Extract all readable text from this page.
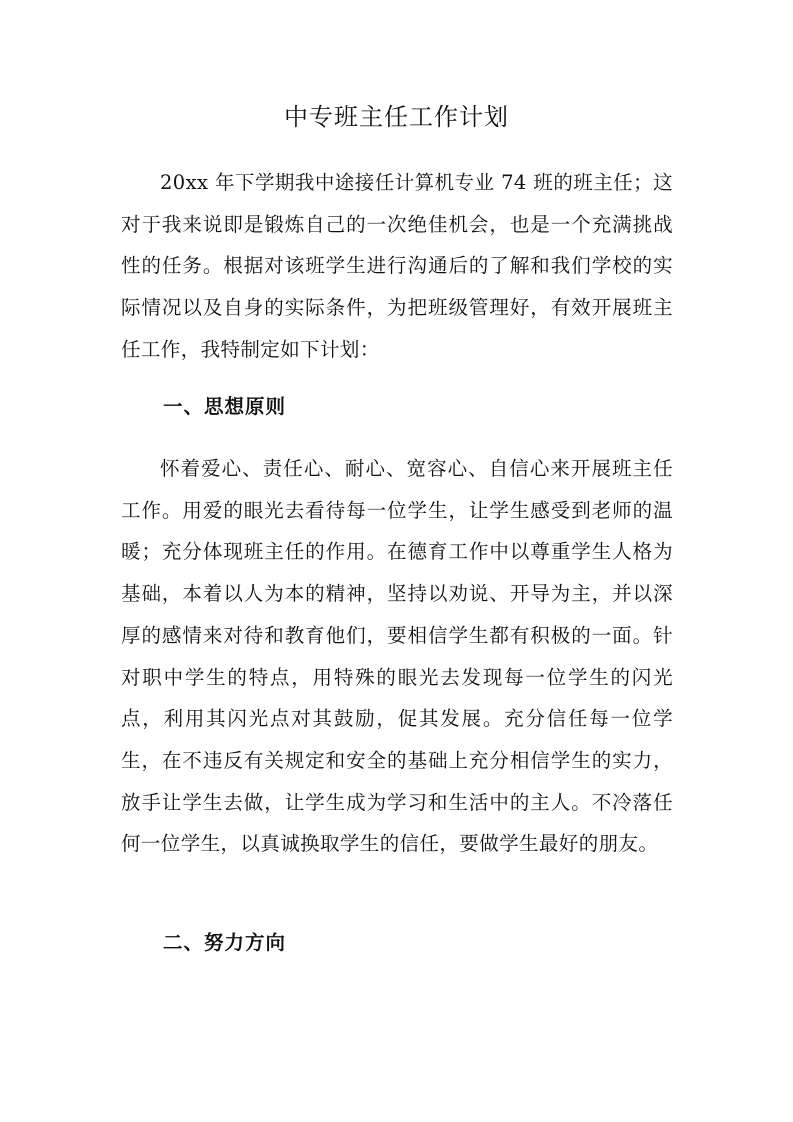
中专班主任工作计划

20xx 年下学期我中途接任计算机专业 74 班的班主任；这对于我来说即是锻炼自己的一次绝佳机会，也是一个充满挑战性的任务。根据对该班学生进行沟通后的了解和我们学校的实际情况以及自身的实际条件，为把班级管理好，有效开展班主任工作，我特制定如下计划：

一、思想原则

怀着爱心、责任心、耐心、宽容心、自信心来开展班主任工作。用爱的眼光去看待每一位学生，让学生感受到老师的温暖；充分体现班主任的作用。在德育工作中以尊重学生人格为基础，本着以人为本的精神，坚持以劝说、开导为主，并以深厚的感情来对待和教育他们，要相信学生都有积极的一面。针对职中学生的特点，用特殊的眼光去发现每一位学生的闪光点，利用其闪光点对其鼓励，促其发展。充分信任每一位学生，在不违反有关规定和安全的基础上充分相信学生的实力，放手让学生去做，让学生成为学习和生活中的主人。不冷落任何一位学生，以真诚换取学生的信任，要做学生最好的朋友。

二、努力方向
